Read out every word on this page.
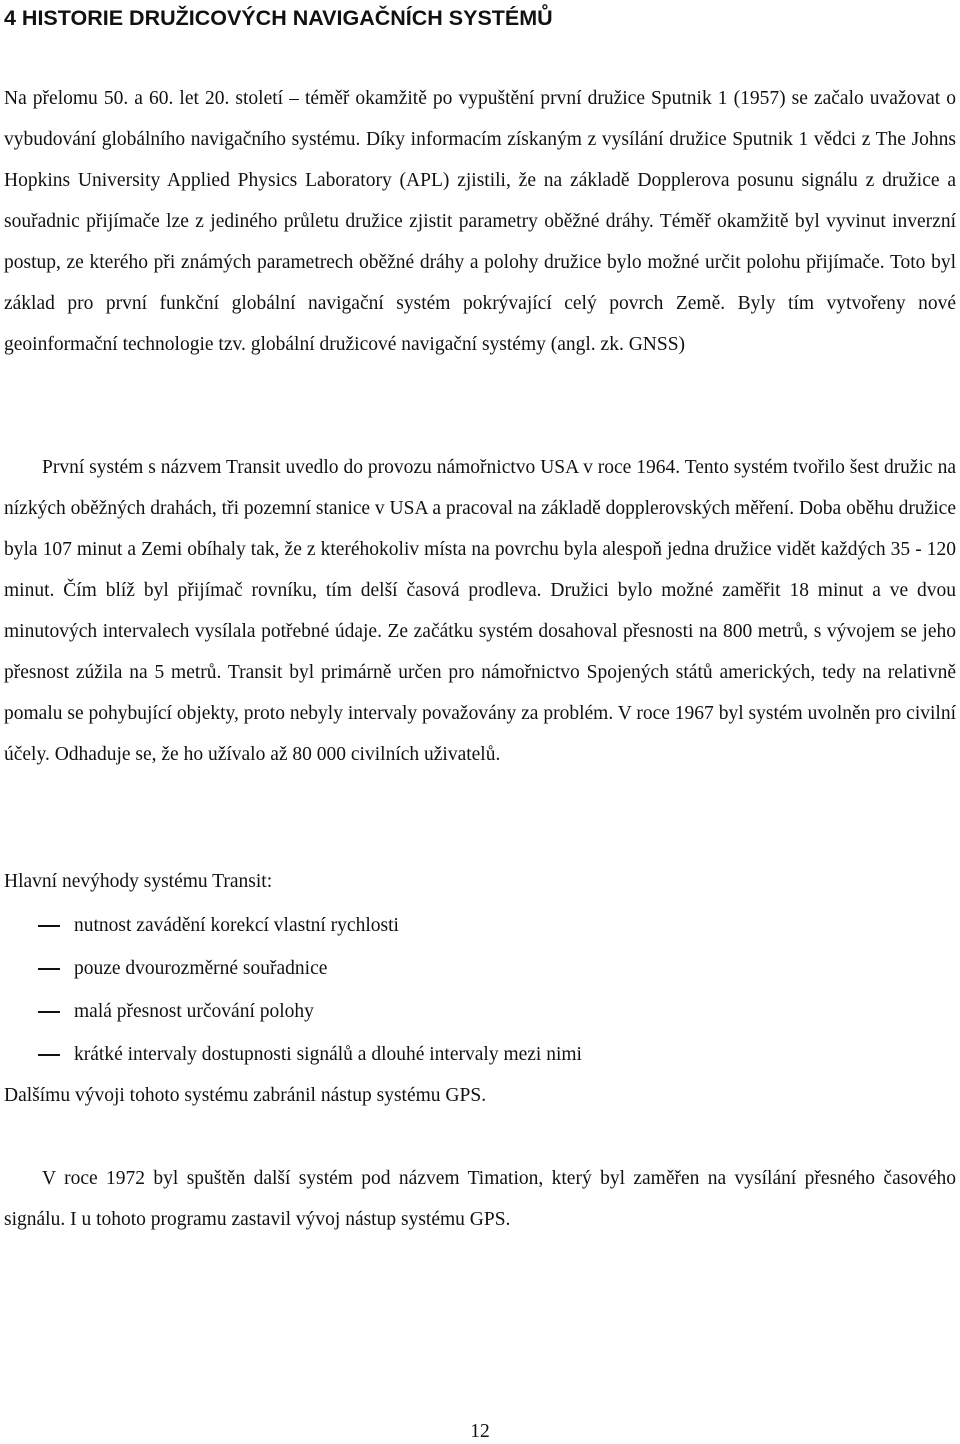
4 HISTORIE DRUŽICOVÝCH NAVIGAČNÍCH SYSTÉMŮ

Na přelomu 50. a 60. let 20. století – téměř okamžitě po vypuštění první družice Sputnik 1 (1957) se začalo uvažovat o vybudování globálního navigačního systému. Díky informacím získaným z vysílání družice Sputnik 1 vědci z The Johns Hopkins University Applied Physics Laboratory (APL) zjistili, že na základě Dopplerova posunu signálu z družice a souřadnic přijímače lze z jediného průletu družice zjistit parametry oběžné dráhy. Téměř okamžitě byl vyvinut inverzní postup, ze kterého při známých parametrech oběžné dráhy a polohy družice bylo možné určit polohu přijímače. Toto byl základ pro první funkční globální navigační systém pokrývající celý povrch Země. Byly tím vytvořeny nové geoinformační technologie tzv. globální družicové navigační systémy (angl. zk. GNSS)

První systém s názvem Transit uvedlo do provozu námořnictvo USA v roce 1964. Tento systém tvořilo šest družic na nízkých oběžných drahách, tři pozemní stanice v USA a pracoval na základě dopplerovských měření. Doba oběhu družice byla 107 minut a Zemi obíhaly tak, že z kteréhokoliv místa na povrchu byla alespoň jedna družice vidět každých 35 - 120 minut. Čím blíž byl přijímač rovníku, tím delší časová prodleva. Družici bylo možné zaměřit 18 minut a ve dvou minutových intervalech vysílala potřebné údaje. Ze začátku systém dosahoval přesnosti na 800 metrů, s vývojem se jeho přesnost zúžila na 5 metrů. Transit byl primárně určen pro námořnictvo Spojených států amerických, tedy na relativně pomalu se pohybující objekty, proto nebyly intervaly považovány za problém. V roce 1967 byl systém uvolněn pro civilní účely. Odhaduje se, že ho užívalo až 80 000 civilních uživatelů.

Hlavní nevýhody systému Transit:

nutnost zavádění korekcí vlastní rychlosti
pouze dvourozměrné souřadnice
malá přesnost určování polohy
krátké intervaly dostupnosti signálů a dlouhé intervaly mezi nimi

Dalšímu vývoji tohoto systému zabránil nástup systému GPS.

V roce 1972 byl spuštěn další systém pod názvem Timation, který byl zaměřen na vysílání přesného časového signálu. I u tohoto programu zastavil vývoj nástup systému GPS.

12
